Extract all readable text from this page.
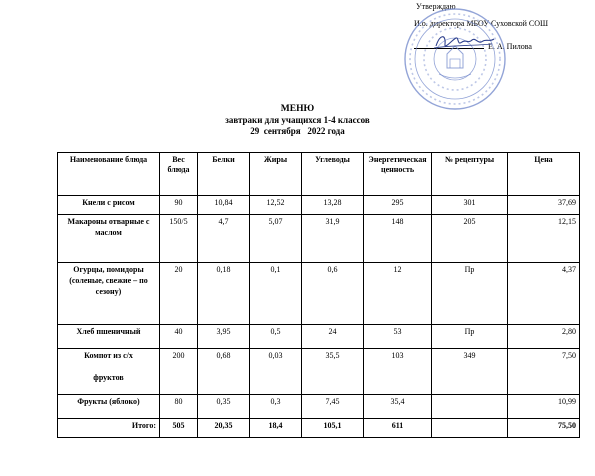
Утверждаю
И.о. директора МБОУ Суховской СОШ
Е. А. Пилова
МЕНЮ
завтраки для учащихся 1-4 классов
29  сентября   2022 года
Наименование блюда	Вес блюда	Белки	Жиры	Углеводы	Энергетическая ценность	№ рецептуры	Цена
Кнели с рисом	90	10,84	12,52	13,28	295	301	37,69
Макароны отварные с маслом	150/5	4,7	5,07	31,9	148	205	12,15
Огурцы, помидоры (соленые, свежие – по сезону)	20	0,18	0,1	0,6	12	Пр	4,37
Хлеб пшеничный	40	3,95	0,5	24	53	Пр	2,80

Компот из с/х
фруктов	200	0,68	0,03	35,5	103	349	7,50
Фрукты (яблоко)	80	0,35	0,3	7,45	35,4		10,99
Итого:	505	20,35	18,4	105,1	611		75,50
